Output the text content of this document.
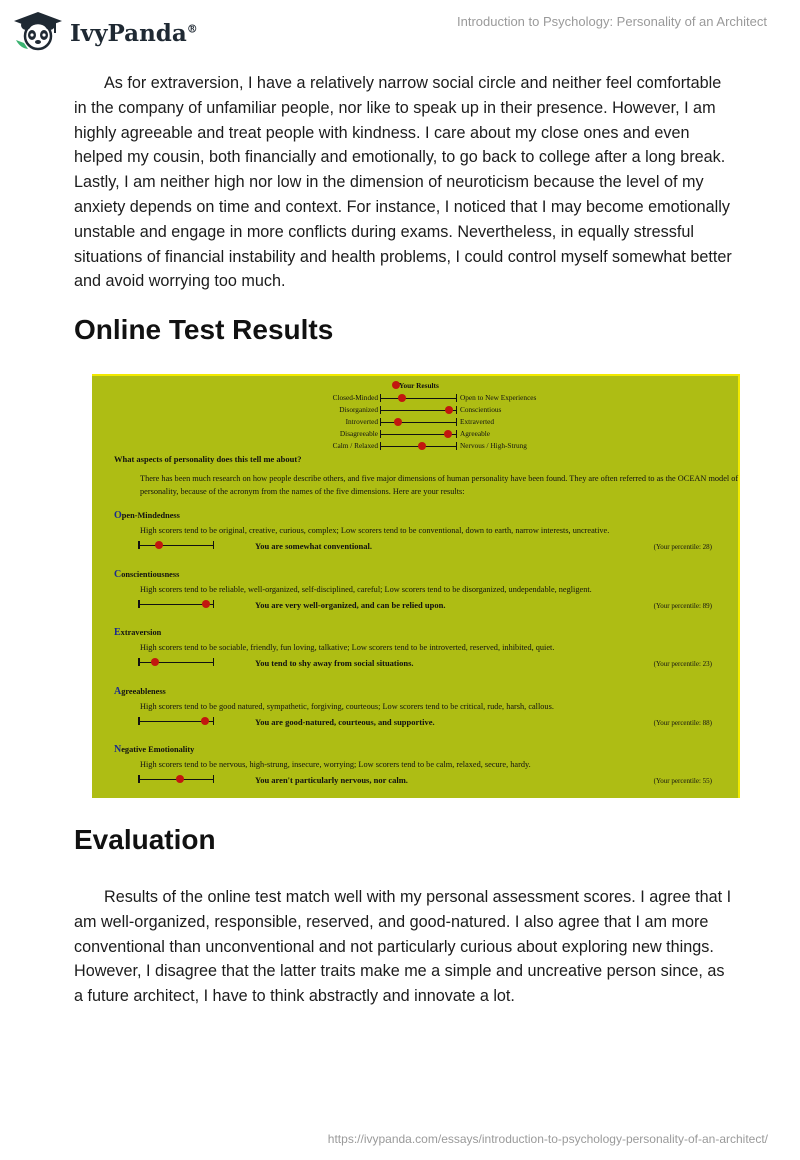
IvyPanda®	Introduction to Psychology: Personality of an Architect

As for extraversion, I have a relatively narrow social circle and neither feel comfortable in the company of unfamiliar people, nor like to speak up in their presence. However, I am highly agreeable and treat people with kindness. I care about my close ones and even helped my cousin, both financially and emotionally, to go back to college after a long break. Lastly, I am neither high nor low in the dimension of neuroticism because the level of my anxiety depends on time and context. For instance, I noticed that I may become emotionally unstable and engage in more conflicts during exams. Nevertheless, in equally stressful situations of financial instability and health problems, I could control myself somewhat better and avoid worrying too much.

Online Test Results
Your Results
Closed-Minded	Open to New Experiences
Disorganized	Conscientious
Introverted	Extraverted
Disagreeable	Agreeable
Calm / Relaxed	Nervous / High-Strung
What aspects of personality does this tell me about?
There has been much research on how people describe others, and five major dimensions of human personality have been found. They are often referred to as the OCEAN model of personality, because of the acronym from the names of the five dimensions. Here are your results:
Open-Mindedness
High scorers tend to be original, creative, curious, complex; Low scorers tend to be conventional, down to earth, narrow interests, uncreative.
You are somewhat conventional.	(Your percentile: 28)
Conscientiousness
High scorers tend to be reliable, well-organized, self-disciplined, careful; Low scorers tend to be disorganized, undependable, negligent.
You are very well-organized, and can be relied upon.	(Your percentile: 89)
Extraversion
High scorers tend to be sociable, friendly, fun loving, talkative; Low scorers tend to be introverted, reserved, inhibited, quiet.
You tend to shy away from social situations.	(Your percentile: 23)
Agreeableness
High scorers tend to be good natured, sympathetic, forgiving, courteous; Low scorers tend to be critical, rude, harsh, callous.
You are good-natured, courteous, and supportive.	(Your percentile: 88)
Negative Emotionality
High scorers tend to be nervous, high-strung, insecure, worrying; Low scorers tend to be calm, relaxed, secure, hardy.
You aren't particularly nervous, nor calm.	(Your percentile: 55)
Evaluation

Results of the online test match well with my personal assessment scores. I agree that I am well-organized, responsible, reserved, and good-natured. I also agree that I am more conventional than unconventional and not particularly curious about exploring new things. However, I disagree that the latter traits make me a simple and uncreative person since, as a future architect, I have to think abstractly and innovate a lot.

https://ivypanda.com/essays/introduction-to-psychology-personality-of-an-architect/
